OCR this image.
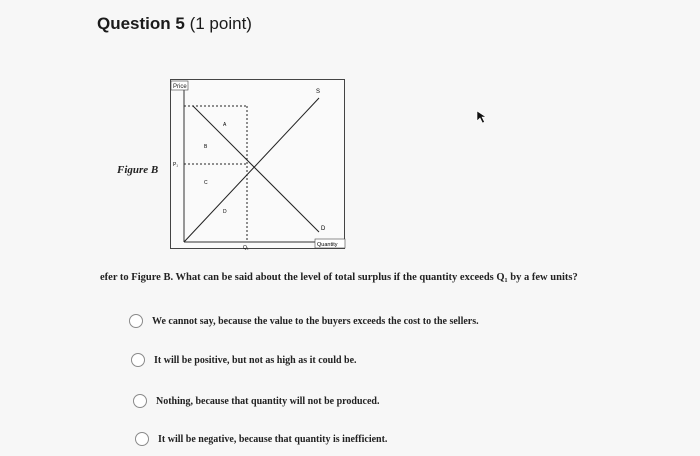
Question 5 (1 point)
Figure B
Price
S
D
A
B
C
D
P₁
Q₁	Quantity
efer to Figure B. What can be said about the level of total surplus if the quantity exceeds Q₁ by a few units?
We cannot say, because the value to the buyers exceeds the cost to the sellers.
It will be positive, but not as high as it could be.
Nothing, because that quantity will not be produced.
It will be negative, because that quantity is inefficient.
